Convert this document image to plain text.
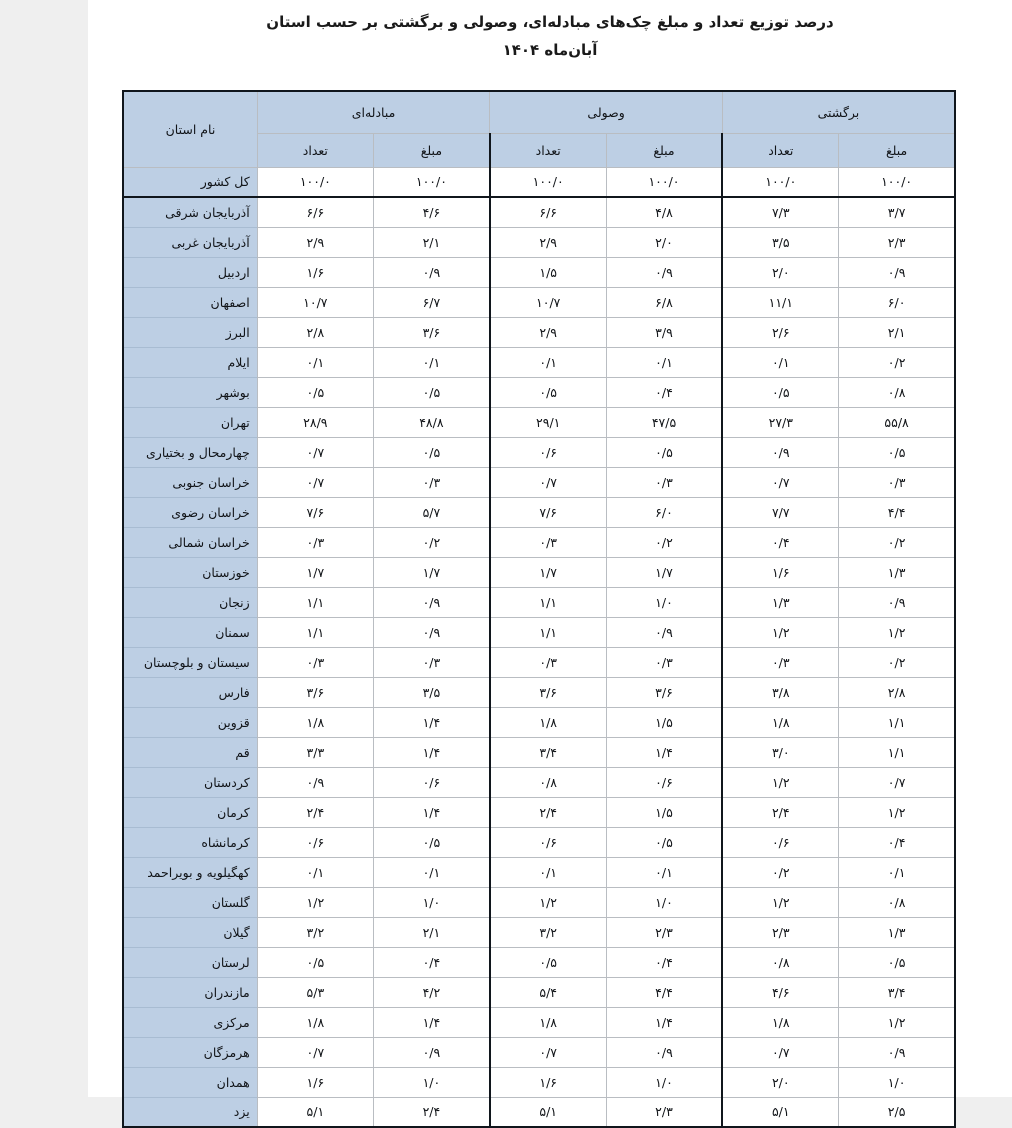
درصد توزیع تعداد و مبلغ چک‌های مبادله‌ای، وصولی و برگشتی بر حسب استان
آبان‌ماه ۱۴۰۴
برگشتی		وصولی		مبادله‌ای		نام استان
مبلغ	تعداد	مبلغ	تعداد	مبلغ	تعداد	
۱۰۰/۰	۱۰۰/۰	۱۰۰/۰	۱۰۰/۰	۱۰۰/۰	۱۰۰/۰	کل کشور
۳/۷	۷/۳	۴/۸	۶/۶	۴/۶	۶/۶	آذربایجان شرقی
۲/۳	۳/۵	۲/۰	۲/۹	۲/۱	۲/۹	آذربایجان غربی
۰/۹	۲/۰	۰/۹	۱/۵	۰/۹	۱/۶	اردبیل
۶/۰	۱۱/۱	۶/۸	۱۰/۷	۶/۷	۱۰/۷	اصفهان
۲/۱	۲/۶	۳/۹	۲/۹	۳/۶	۲/۸	البرز
۰/۲	۰/۱	۰/۱	۰/۱	۰/۱	۰/۱	ایلام
۰/۸	۰/۵	۰/۴	۰/۵	۰/۵	۰/۵	بوشهر
۵۵/۸	۲۷/۳	۴۷/۵	۲۹/۱	۴۸/۸	۲۸/۹	تهران
۰/۵	۰/۹	۰/۵	۰/۶	۰/۵	۰/۷	چهارمحال و بختیاری
۰/۳	۰/۷	۰/۳	۰/۷	۰/۳	۰/۷	خراسان جنوبی
۴/۴	۷/۷	۶/۰	۷/۶	۵/۷	۷/۶	خراسان رضوی
۰/۲	۰/۴	۰/۲	۰/۳	۰/۲	۰/۳	خراسان شمالی
۱/۳	۱/۶	۱/۷	۱/۷	۱/۷	۱/۷	خوزستان
۰/۹	۱/۳	۱/۰	۱/۱	۰/۹	۱/۱	زنجان
۱/۲	۱/۲	۰/۹	۱/۱	۰/۹	۱/۱	سمنان
۰/۲	۰/۳	۰/۳	۰/۳	۰/۳	۰/۳	سیستان و بلوچستان
۲/۸	۳/۸	۳/۶	۳/۶	۳/۵	۳/۶	فارس
۱/۱	۱/۸	۱/۵	۱/۸	۱/۴	۱/۸	قزوین
۱/۱	۳/۰	۱/۴	۳/۴	۱/۴	۳/۳	قم
۰/۷	۱/۲	۰/۶	۰/۸	۰/۶	۰/۹	کردستان
۱/۲	۲/۴	۱/۵	۲/۴	۱/۴	۲/۴	کرمان
۰/۴	۰/۶	۰/۵	۰/۶	۰/۵	۰/۶	کرمانشاه
۰/۱	۰/۲	۰/۱	۰/۱	۰/۱	۰/۱	کهگیلویه و بویراحمد
۰/۸	۱/۲	۱/۰	۱/۲	۱/۰	۱/۲	گلستان
۱/۳	۲/۳	۲/۳	۳/۲	۲/۱	۳/۲	گیلان
۰/۵	۰/۸	۰/۴	۰/۵	۰/۴	۰/۵	لرستان
۳/۴	۴/۶	۴/۴	۵/۴	۴/۲	۵/۳	مازندران
۱/۲	۱/۸	۱/۴	۱/۸	۱/۴	۱/۸	مرکزی
۰/۹	۰/۷	۰/۹	۰/۷	۰/۹	۰/۷	هرمزگان
۱/۰	۲/۰	۱/۰	۱/۶	۱/۰	۱/۶	همدان
۲/۵	۵/۱	۲/۳	۵/۱	۲/۴	۵/۱	یزد
